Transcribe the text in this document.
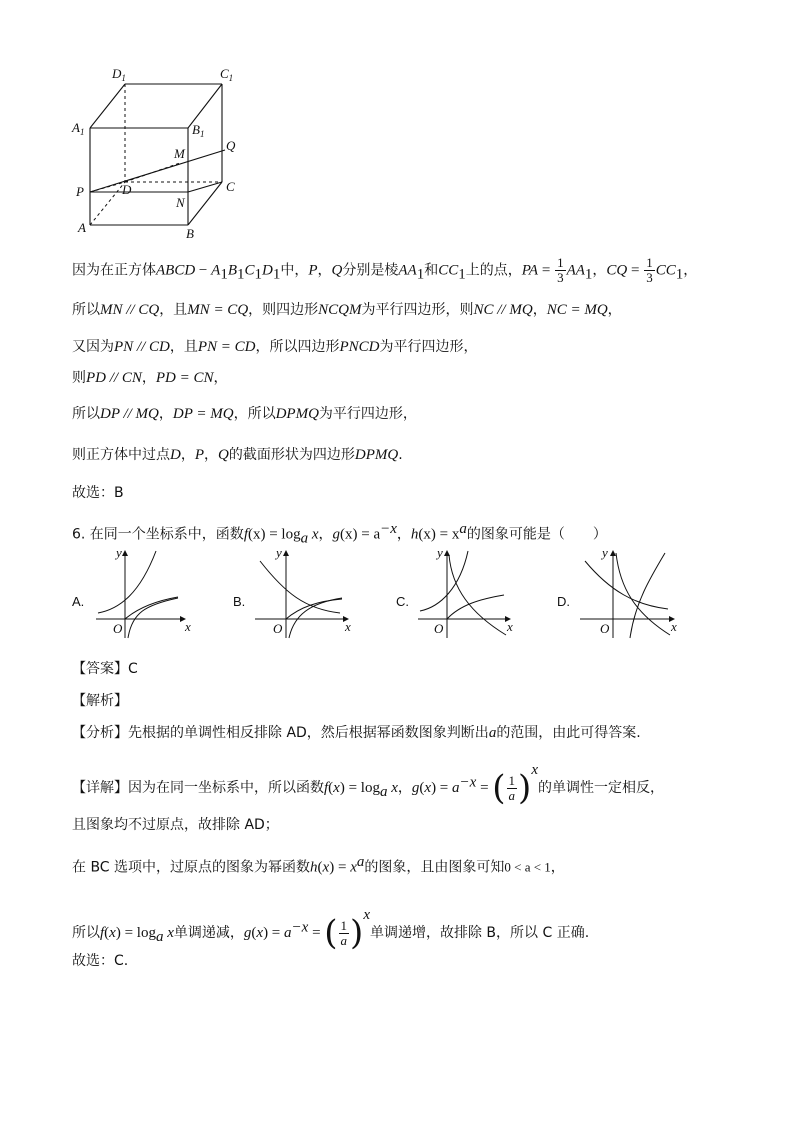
$D_1$	$C_1$
$A_1$	$B_1$
M
Q
P	D	C
N
A	B
因为在正方体ABCD − $A_1B_1C_1D_1$中，P，Q分别是棱$AA_1$和$CC_1$上的点，PA = $\frac{1}{3} AA_1$，CQ = $\frac{1}{3} CC_1$，
所以MN // CQ，且MN = CQ，则四边形NCQM为平行四边形，则NC // MQ，NC = MQ，
又因为PN // CD，且PN = CD，所以四边形PNCD为平行四边形，
则PD // CN，PD = CN，
所以DP // MQ，DP = MQ，所以DPMQ为平行四边形，
则正方体中过点D，P，Q的截面形状为四边形DPMQ.
故选：B
6. 在同一个坐标系中，函数$f(x) = \log_a x$，$g(x) = a^{-x}$，$h(x) = x^a$的图象可能是（　　）
A.
y
x
O
B.
y
x
O
C.
y
x
O
D.
y
x
O
【答案】C
【解析】
【分析】先根据的单调性相反排除 AD，然后根据幂函数图象判断出a的范围，由此可得答案.
【详解】因为在同一坐标系中，所以函数$f(x) = \log_a x$，$g(x) = a^{-x}$ = ( $\frac{1}{a}$ ) $^x$的单调性一定相反，
且图象均不过原点，故排除 AD；
在 BC 选项中，过原点的图象为幂函数$h(x) = x^a$的图象，且由图象可知0 < a < 1，
所以$f(x) = \log_a x$单调递减，$g(x) = a^{-x}$ = ( $\frac{1}{a}$ ) $^x$单调递增，故排除 B，所以 C 正确.
故选：C.
